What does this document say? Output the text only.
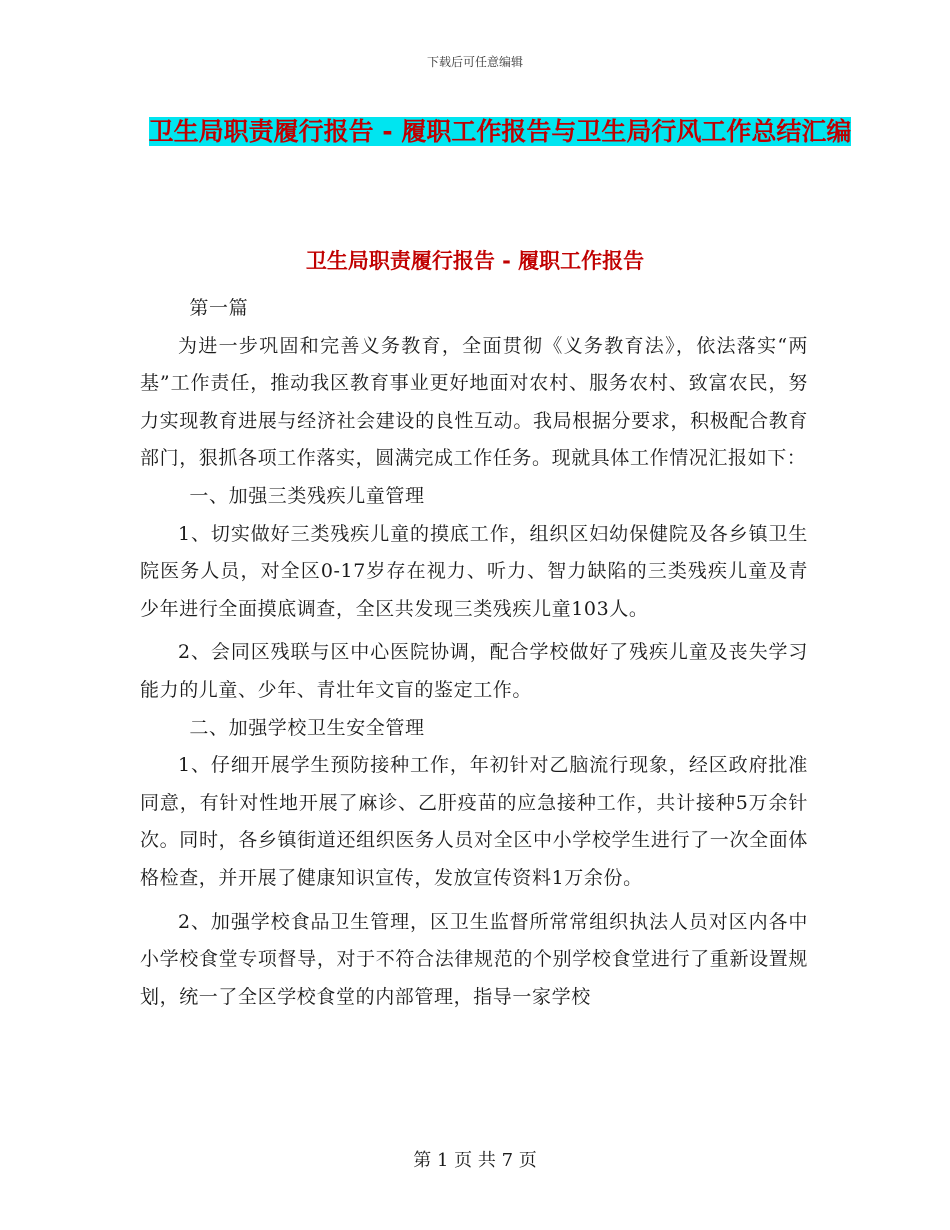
下载后可任意编辑
卫生局职责履行报告 - 履职工作报告与卫生局行风工作总结汇编
卫生局职责履行报告 - 履职工作报告

第一篇

为进一步巩固和完善义务教育，全面贯彻《义务教育法》，依法落实“两基”工作责任，推动我区教育事业更好地面对农村、服务农村、致富农民，努力实现教育进展与经济社会建设的良性互动。我局根据分要求，积极配合教育部门，狠抓各项工作落实，圆满完成工作任务。现就具体工作情况汇报如下：

一、加强三类残疾儿童管理

1、切实做好三类残疾儿童的摸底工作，组织区妇幼保健院及各乡镇卫生院医务人员，对全区0-17岁存在视力、听力、智力缺陷的三类残疾儿童及青少年进行全面摸底调查，全区共发现三类残疾儿童103人。

2、会同区残联与区中心医院协调，配合学校做好了残疾儿童及丧失学习能力的儿童、少年、青壮年文盲的鉴定工作。

二、加强学校卫生安全管理

1、仔细开展学生预防接种工作，年初针对乙脑流行现象，经区政府批准同意，有针对性地开展了麻诊、乙肝疫苗的应急接种工作，共计接种5万余针次。同时，各乡镇街道还组织医务人员对全区中小学校学生进行了一次全面体格检查，并开展了健康知识宣传，发放宣传资料1万余份。

2、加强学校食品卫生管理，区卫生监督所常常组织执法人员对区内各中小学校食堂专项督导，对于不符合法律规范的个别学校食堂进行了重新设置规划，统一了全区学校食堂的内部管理，指导一家学校

第 1 页 共 7 页
